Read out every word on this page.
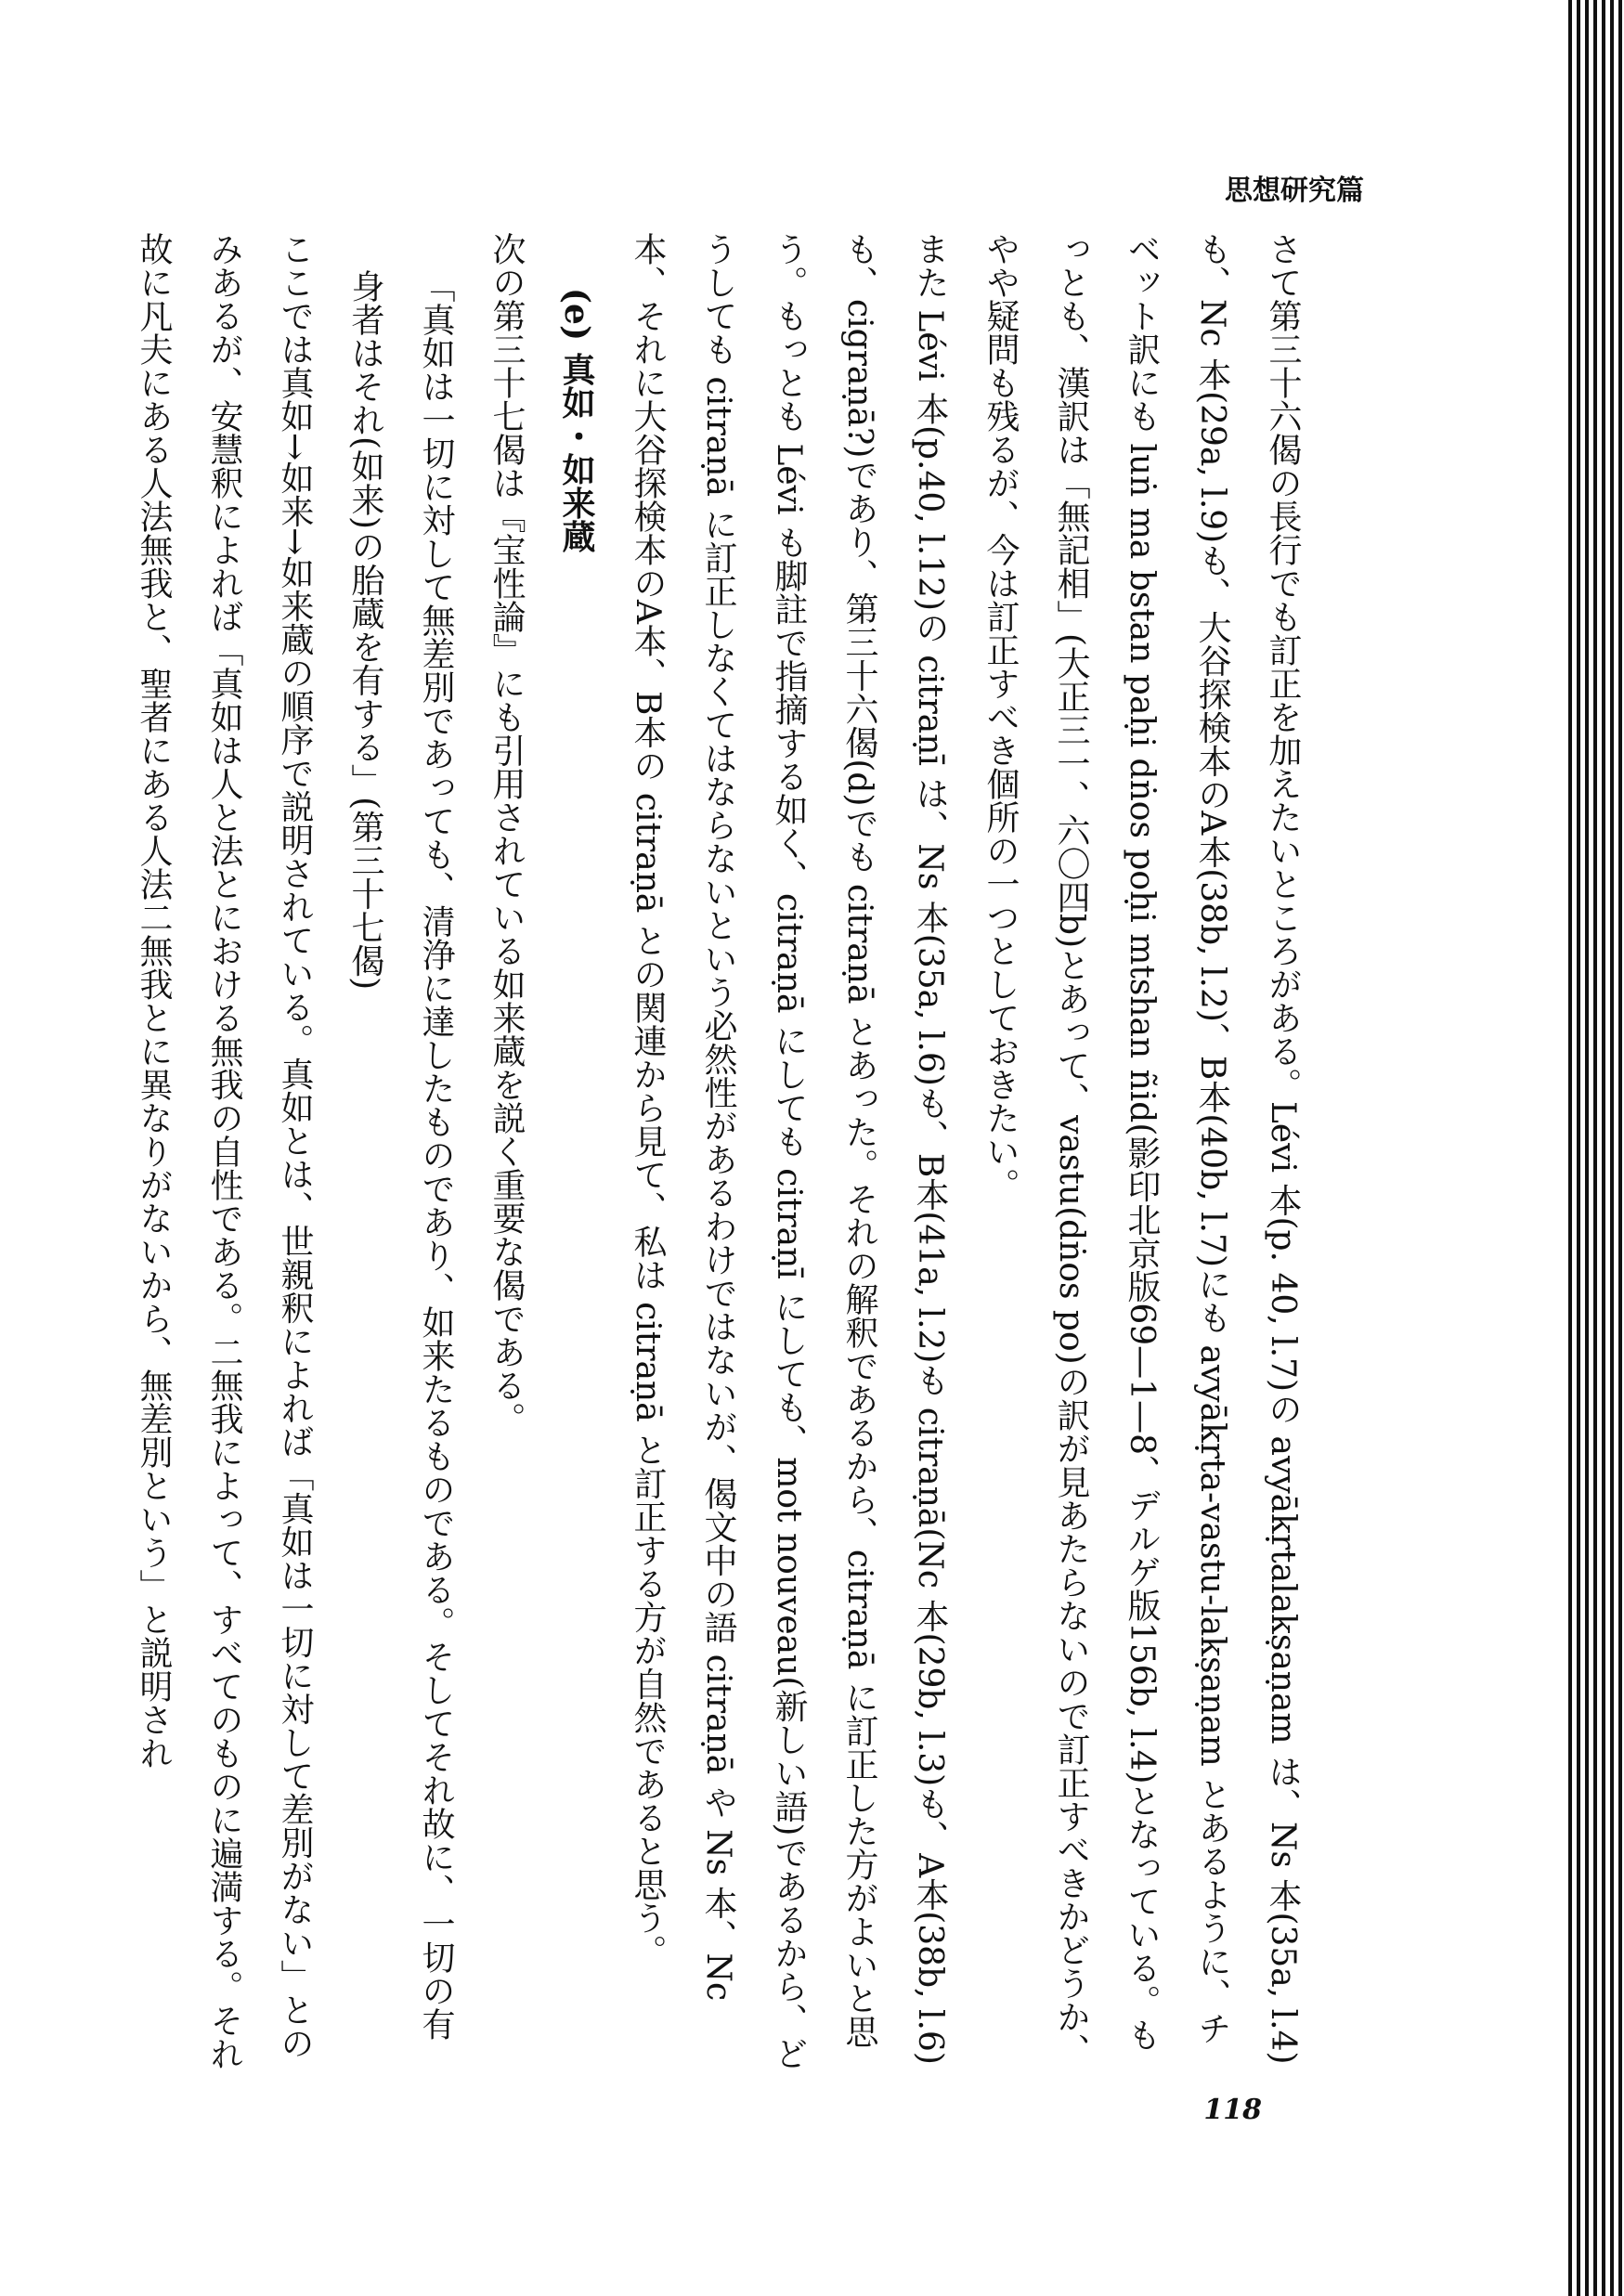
思想研究篇

さて第三十六偈の長行でも訂正を加えたいところがある。Lévi 本(p. 40, l.7)の avyākṛtalakṣaṇam は、Ns 本(35a, l.4)も、Nc 本(29a, l.9)も、大谷探検本のA本(38b, l.2)、B本(40b, l.7)にも avyākṛta-vastu-lakṣaṇam とあるように、チベット訳にも luṅ ma bstan paḥi dṅos poḥi mtshan ñid(影印北京版69—1—8、デルゲ版156b, l.4)となっている。もっとも、漢訳は「無記相」(大正三一、六〇四b)とあって、vastu(dṅos po)の訳が見あたらないので訂正すべきかどうか、やや疑問も残るが、今は訂正すべき個所の一つとしておきたい。

また Lévi 本(p.40, l.12)の citraṇī は、Ns 本(35a, l.6)も、B本(41a, l.2)も citraṇā(Nc 本(29b, l.3)も、A本(38b, l.6)も、cigraṇā?)であり、第三十六偈(d)でも citraṇā とあった。それの解釈であるから、citraṇā に訂正した方がよいと思う。もっとも Lévi も脚註で指摘する如く、citraṇā にしても citraṇī にしても、mot nouveau(新しい語)であるから、どうしても citraṇā に訂正しなくてはならないという必然性があるわけではないが、偈文中の語 citraṇā や Ns 本、Nc 本、それに大谷探検本のA本、B本の citraṇā との関連から見て、私は citraṇā と訂正する方が自然であると思う。

(e) 真如・如来蔵

次の第三十七偈は『宝性論』にも引用されている如来蔵を説く重要な偈である。

「真如は一切に対して無差別であっても、清浄に達したものであり、如来たるものである。そしてそれ故に、一切の有身者はそれ(如来)の胎蔵を有する」(第三十七偈)

ここでは真如→如来→如来蔵の順序で説明されている。真如とは、世親釈によれば「真如は一切に対して差別がない」とのみあるが、安慧釈によれば「真如は人と法とにおける無我の自性である。二無我によって、すべてのものに遍満する。それ故に凡夫にある人法無我と、聖者にある人法二無我とに異なりがないから、無差別という」と説明され

118
